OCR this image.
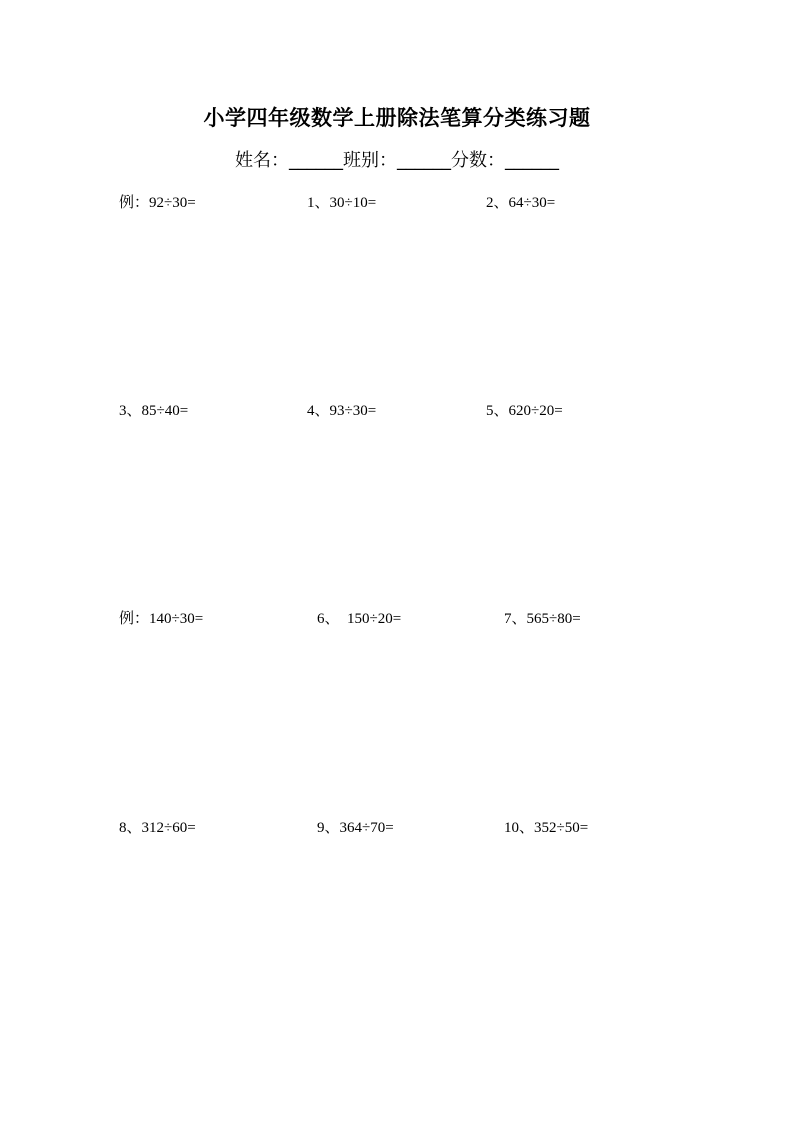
小学四年级数学上册除法笔算分类练习题
姓名：______班别：______分数：______
例：92÷30=	1、30÷10=	2、64÷30=
3、85÷40=	4、93÷30=	5、620÷20=
例：140÷30=	6、  150÷20=	7、565÷80=
8、312÷60=	9、364÷70=	10、352÷50=
